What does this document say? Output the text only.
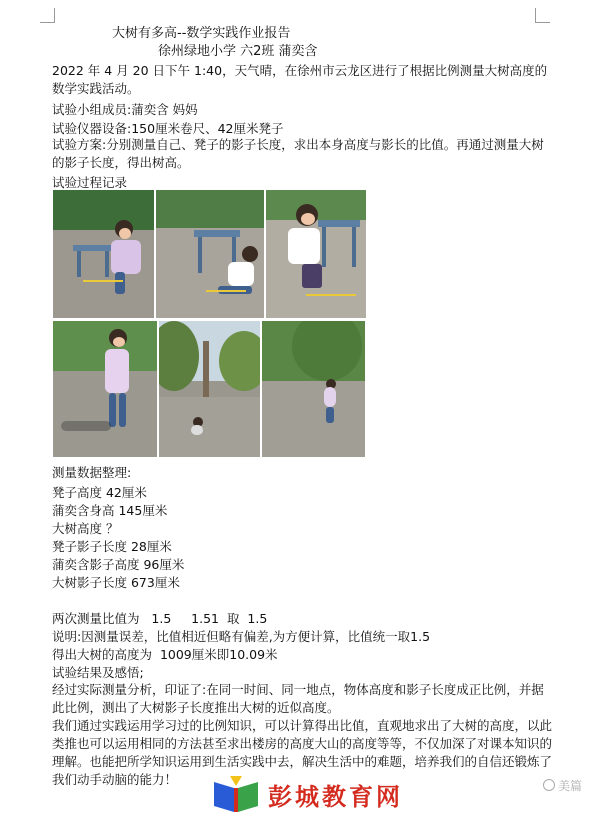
大树有多高--数学实践作业报告
徐州绿地小学 六2班 蒲奕含
2022 年 4 月 20 日下午 1:40，天气晴，在徐州市云龙区进行了根据比例测量大树高度的数学实践活动。
试验小组成员:蒲奕含 妈妈
试验仪器设备:150厘米卷尺、42厘米凳子
试验方案:分别测量自己、凳子的影子长度，求出本身高度与影长的比值。再通过测量大树的影子长度，得出树高。
试验过程记录
测量数据整理:
凳子高度 42厘米
蒲奕含身高 145厘米
大树高度 ？
凳子影子长度 28厘米
蒲奕含影子高度 96厘米
大树影子长度 673厘米
两次测量比值为   1.5     1.51  取  1.5
说明:因测量误差，比值相近但略有偏差,为方便计算，比值统一取1.5
得出大树的高度为  1009厘米即10.09米
试验结果及感悟;
经过实际测量分析，印证了:在同一时间、同一地点，物体高度和影子长度成正比例，并据此比例，测出了大树影子长度推出大树的近似高度。
我们通过实践运用学习过的比例知识，可以计算得出比值，直观地求出了大树的高度，以此类推也可以运用相同的方法甚至求出楼房的高度大山的高度等等，不仅加深了对课本知识的理解。也能把所学知识运用到生活实践中去，解决生活中的难题，培养我们的自信还锻炼了我们动手动脑的能力！
彭城教育网	美篇
